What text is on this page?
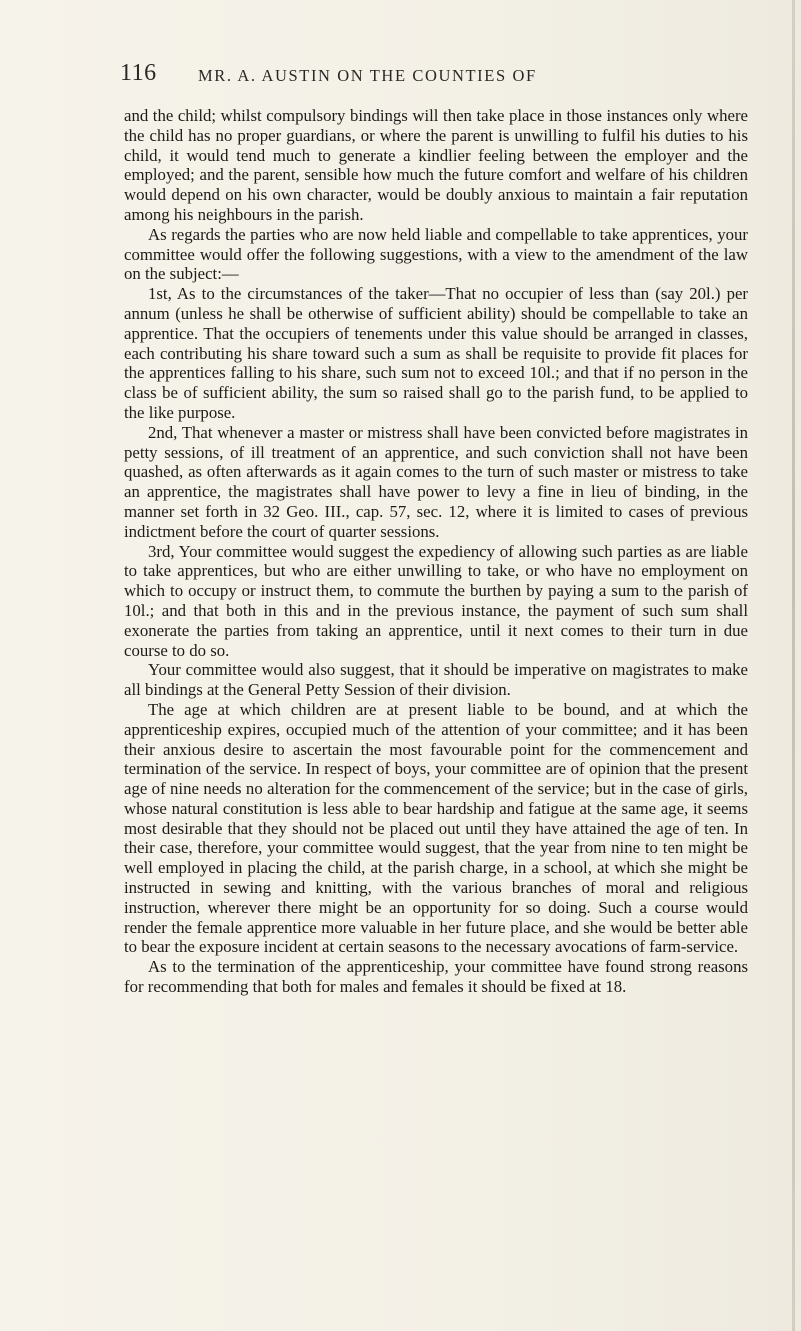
116	MR. A. AUSTIN ON THE COUNTIES OF

and the child; whilst compulsory bindings will then take place in those instances only where the child has no proper guardians, or where the parent is unwilling to fulfil his duties to his child, it would tend much to generate a kindlier feeling between the employer and the employed; and the parent, sensible how much the future comfort and welfare of his children would depend on his own character, would be doubly anxious to maintain a fair reputation among his neighbours in the parish.

As regards the parties who are now held liable and compellable to take apprentices, your committee would offer the following suggestions, with a view to the amendment of the law on the subject:—

1st, As to the circumstances of the taker—That no occupier of less than (say 20l.) per annum (unless he shall be otherwise of sufficient ability) should be compellable to take an apprentice. That the occupiers of tenements under this value should be arranged in classes, each contributing his share toward such a sum as shall be requisite to provide fit places for the apprentices falling to his share, such sum not to exceed 10l.; and that if no person in the class be of sufficient ability, the sum so raised shall go to the parish fund, to be applied to the like purpose.

2nd, That whenever a master or mistress shall have been convicted before magistrates in petty sessions, of ill treatment of an apprentice, and such conviction shall not have been quashed, as often afterwards as it again comes to the turn of such master or mistress to take an apprentice, the magistrates shall have power to levy a fine in lieu of binding, in the manner set forth in 32 Geo. III., cap. 57, sec. 12, where it is limited to cases of previous indictment before the court of quarter sessions.

3rd, Your committee would suggest the expediency of allowing such parties as are liable to take apprentices, but who are either unwilling to take, or who have no employment on which to occupy or instruct them, to commute the burthen by paying a sum to the parish of 10l.; and that both in this and in the previous instance, the payment of such sum shall exonerate the parties from taking an apprentice, until it next comes to their turn in due course to do so.

Your committee would also suggest, that it should be imperative on magistrates to make all bindings at the General Petty Session of their division.

The age at which children are at present liable to be bound, and at which the apprenticeship expires, occupied much of the attention of your committee; and it has been their anxious desire to ascertain the most favourable point for the commencement and termination of the service. In respect of boys, your committee are of opinion that the present age of nine needs no alteration for the commencement of the service; but in the case of girls, whose natural constitution is less able to bear hardship and fatigue at the same age, it seems most desirable that they should not be placed out until they have attained the age of ten. In their case, therefore, your committee would suggest, that the year from nine to ten might be well employed in placing the child, at the parish charge, in a school, at which she might be instructed in sewing and knitting, with the various branches of moral and religious instruction, wherever there might be an opportunity for so doing. Such a course would render the female apprentice more valuable in her future place, and she would be better able to bear the exposure incident at certain seasons to the necessary avocations of farm-service.

As to the termination of the apprenticeship, your committee have found strong reasons for recommending that both for males and females it should be fixed at 18.
